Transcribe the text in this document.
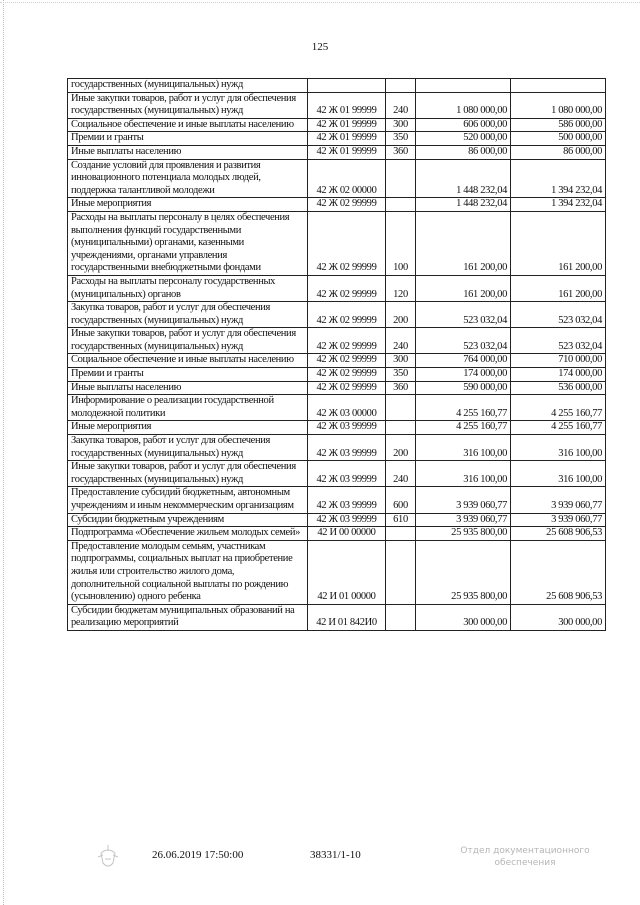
125
государственных (муниципальных) нужд				
Иные закупки товаров, работ и услуг для обеспечения государственных (муниципальных) нужд	42 Ж 01 99999	240	1 080 000,00	1 080 000,00
Социальное обеспечение и иные выплаты населению	42 Ж 01 99999	300	606 000,00	586 000,00
Премии и гранты	42 Ж 01 99999	350	520 000,00	500 000,00
Иные выплаты населению	42 Ж 01 99999	360	86 000,00	86 000,00
Создание условий для проявления и развития инновационного потенциала молодых людей, поддержка талантливой молодежи	42 Ж 02 00000		1 448 232,04	1 394 232,04
Иные мероприятия	42 Ж 02 99999		1 448 232,04	1 394 232,04
Расходы на выплаты персоналу в целях обеспечения выполнения функций государственными (муниципальными) органами, казенными учреждениями, органами управления государственными внебюджетными фондами	42 Ж 02 99999	100	161 200,00	161 200,00
Расходы на выплаты персоналу государственных (муниципальных) органов	42 Ж 02 99999	120	161 200,00	161 200,00
Закупка товаров, работ и услуг для обеспечения государственных (муниципальных) нужд	42 Ж 02 99999	200	523 032,04	523 032,04
Иные закупки товаров, работ и услуг для обеспечения государственных (муниципальных) нужд	42 Ж 02 99999	240	523 032,04	523 032,04
Социальное обеспечение и иные выплаты населению	42 Ж 02 99999	300	764 000,00	710 000,00
Премии и гранты	42 Ж 02 99999	350	174 000,00	174 000,00
Иные выплаты населению	42 Ж 02 99999	360	590 000,00	536 000,00
Информирование о реализации государственной молодежной политики	42 Ж 03 00000		4 255 160,77	4 255 160,77
Иные мероприятия	42 Ж 03 99999		4 255 160,77	4 255 160,77
Закупка товаров, работ и услуг для обеспечения государственных (муниципальных) нужд	42 Ж 03 99999	200	316 100,00	316 100,00
Иные закупки товаров, работ и услуг для обеспечения государственных (муниципальных) нужд	42 Ж 03 99999	240	316 100,00	316 100,00
Предоставление субсидий бюджетным, автономным учреждениям и иным некоммерческим организациям	42 Ж 03 99999	600	3 939 060,77	3 939 060,77
Субсидии бюджетным учреждениям	42 Ж 03 99999	610	3 939 060,77	3 939 060,77
Подпрограмма «Обеспечение жильем молодых семей»	42 И 00 00000		25 935 800,00	25 608 906,53
Предоставление молодым семьям, участникам подпрограммы, социальных выплат на приобретение жилья или строительство жилого дома, дополнительной социальной выплаты по рождению (усыновлению) одного ребенка	42 И 01 00000		25 935 800,00	25 608 906,53
Субсидии бюджетам муниципальных образований на реализацию мероприятий	42 И 01 842И0		300 000,00	300 000,00
26.06.2019 17:50:00	38331/1-10	Отдел документационного
обеспечения
